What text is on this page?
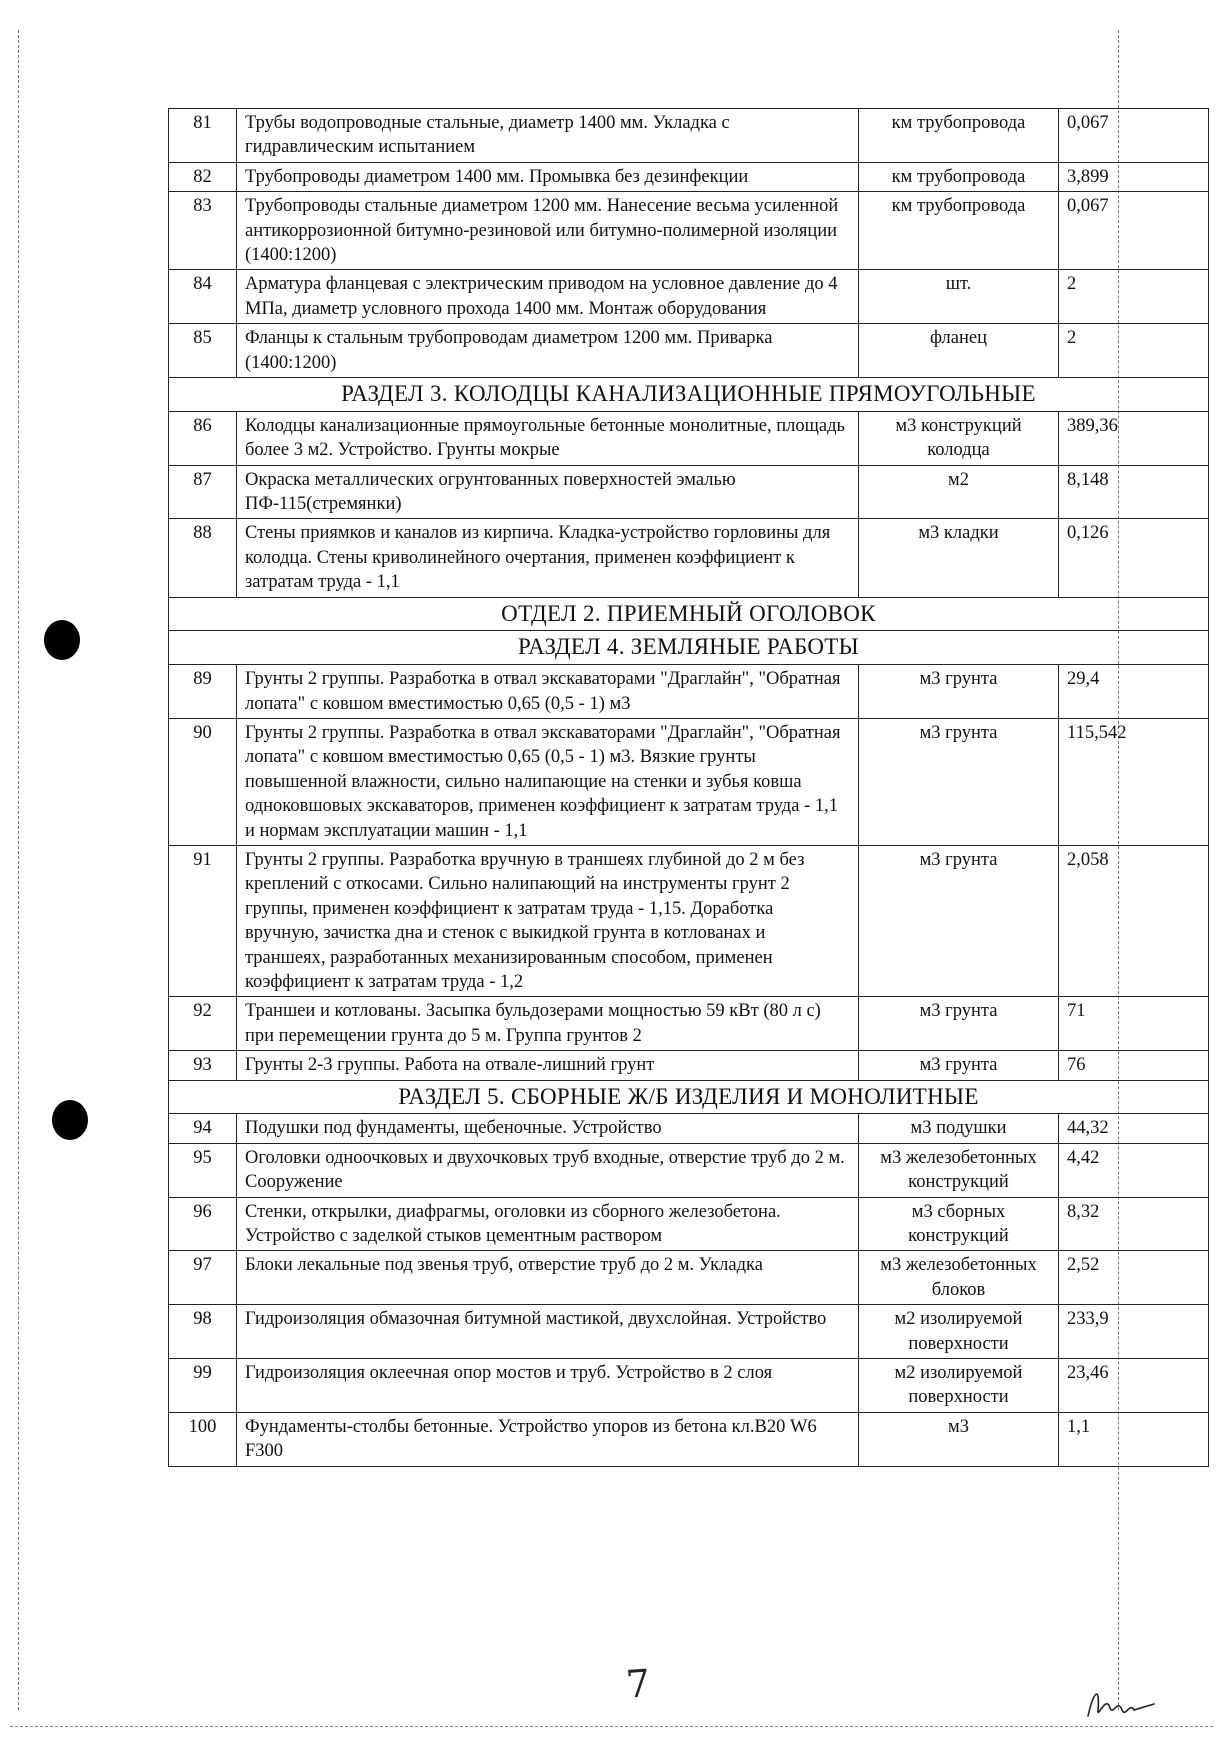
81	Трубы водопроводные стальные, диаметр 1400 мм. Укладка с гидравлическим испытанием	км трубопровода	0,067
82	Трубопроводы диаметром 1400 мм. Промывка без дезинфекции	км трубопровода	3,899
83	Трубопроводы стальные диаметром 1200 мм. Нанесение весьма усиленной антикоррозионной битумно-резиновой или битумно-полимерной изоляции (1400:1200)	км трубопровода	0,067
84	Арматура фланцевая с электрическим приводом на условное давление до 4 МПа, диаметр условного прохода 1400 мм. Монтаж оборудования	шт.	2
85	Фланцы к стальным трубопроводам диаметром 1200 мм. Приварка (1400:1200)	фланец	2
РАЗДЕЛ 3. КОЛОДЦЫ КАНАЛИЗАЦИОННЫЕ ПРЯМОУГОЛЬНЫЕ			
86	Колодцы канализационные прямоугольные бетонные монолитные, площадь более 3 м2. Устройство. Грунты мокрые	м3 конструкций колодца	389,36
87	Окраска металлических огрунтованных поверхностей эмалью ПФ-115(стремянки)	м2	8,148
88	Стены приямков и каналов из кирпича. Кладка-устройство горловины для колодца. Стены криволинейного очертания, применен коэффициент к затратам труда - 1,1	м3 кладки	0,126
ОТДЕЛ 2. ПРИЕМНЫЙ ОГОЛОВОК			
РАЗДЕЛ 4. ЗЕМЛЯНЫЕ РАБОТЫ			
89	Грунты 2 группы. Разработка в отвал экскаваторами "Драглайн", "Обратная лопата" с ковшом вместимостью 0,65 (0,5 - 1) м3	м3 грунта	29,4
90	Грунты 2 группы. Разработка в отвал экскаваторами "Драглайн", "Обратная лопата" с ковшом вместимостью 0,65 (0,5 - 1) м3. Вязкие грунты повышенной влажности, сильно налипающие на стенки и зубья ковша одноковшовых экскаваторов, применен коэффициент к затратам труда - 1,1 и нормам эксплуатации машин - 1,1	м3 грунта	115,542
91	Грунты 2 группы. Разработка вручную в траншеях глубиной до 2 м без креплений с откосами. Сильно налипающий на инструменты грунт 2 группы, применен коэффициент к затратам труда - 1,15. Доработка вручную, зачистка дна и стенок с выкидкой грунта в котлованах и траншеях, разработанных механизированным способом, применен коэффициент к затратам труда - 1,2	м3 грунта	2,058
92	Траншеи и котлованы. Засыпка бульдозерами мощностью 59 кВт (80 л с) при перемещении грунта до 5 м. Группа грунтов 2	м3 грунта	71
93	Грунты 2-3 группы. Работа на отвале-лишний грунт	м3 грунта	76
РАЗДЕЛ 5. СБОРНЫЕ Ж/Б ИЗДЕЛИЯ И МОНОЛИТНЫЕ			
94	Подушки под фундаменты, щебеночные. Устройство	м3 подушки	44,32
95	Оголовки одноочковых и двухочковых труб входные, отверстие труб до 2 м. Сооружение	м3 железобетонных конструкций	4,42
96	Стенки, открылки, диафрагмы, оголовки из сборного железобетона. Устройство с заделкой стыков цементным раствором	м3 сборных конструкций	8,32
97	Блоки лекальные под звенья труб, отверстие труб до 2 м. Укладка	м3 железобетонных блоков	2,52
98	Гидроизоляция обмазочная битумной мастикой, двухслойная. Устройство	м2 изолируемой поверхности	233,9
99	Гидроизоляция оклеечная опор мостов и труб. Устройство в 2 слоя	м2 изолируемой поверхности	23,46
100	Фундаменты-столбы бетонные. Устройство упоров из бетона кл.В20 W6 F300	м3	1,1
7
